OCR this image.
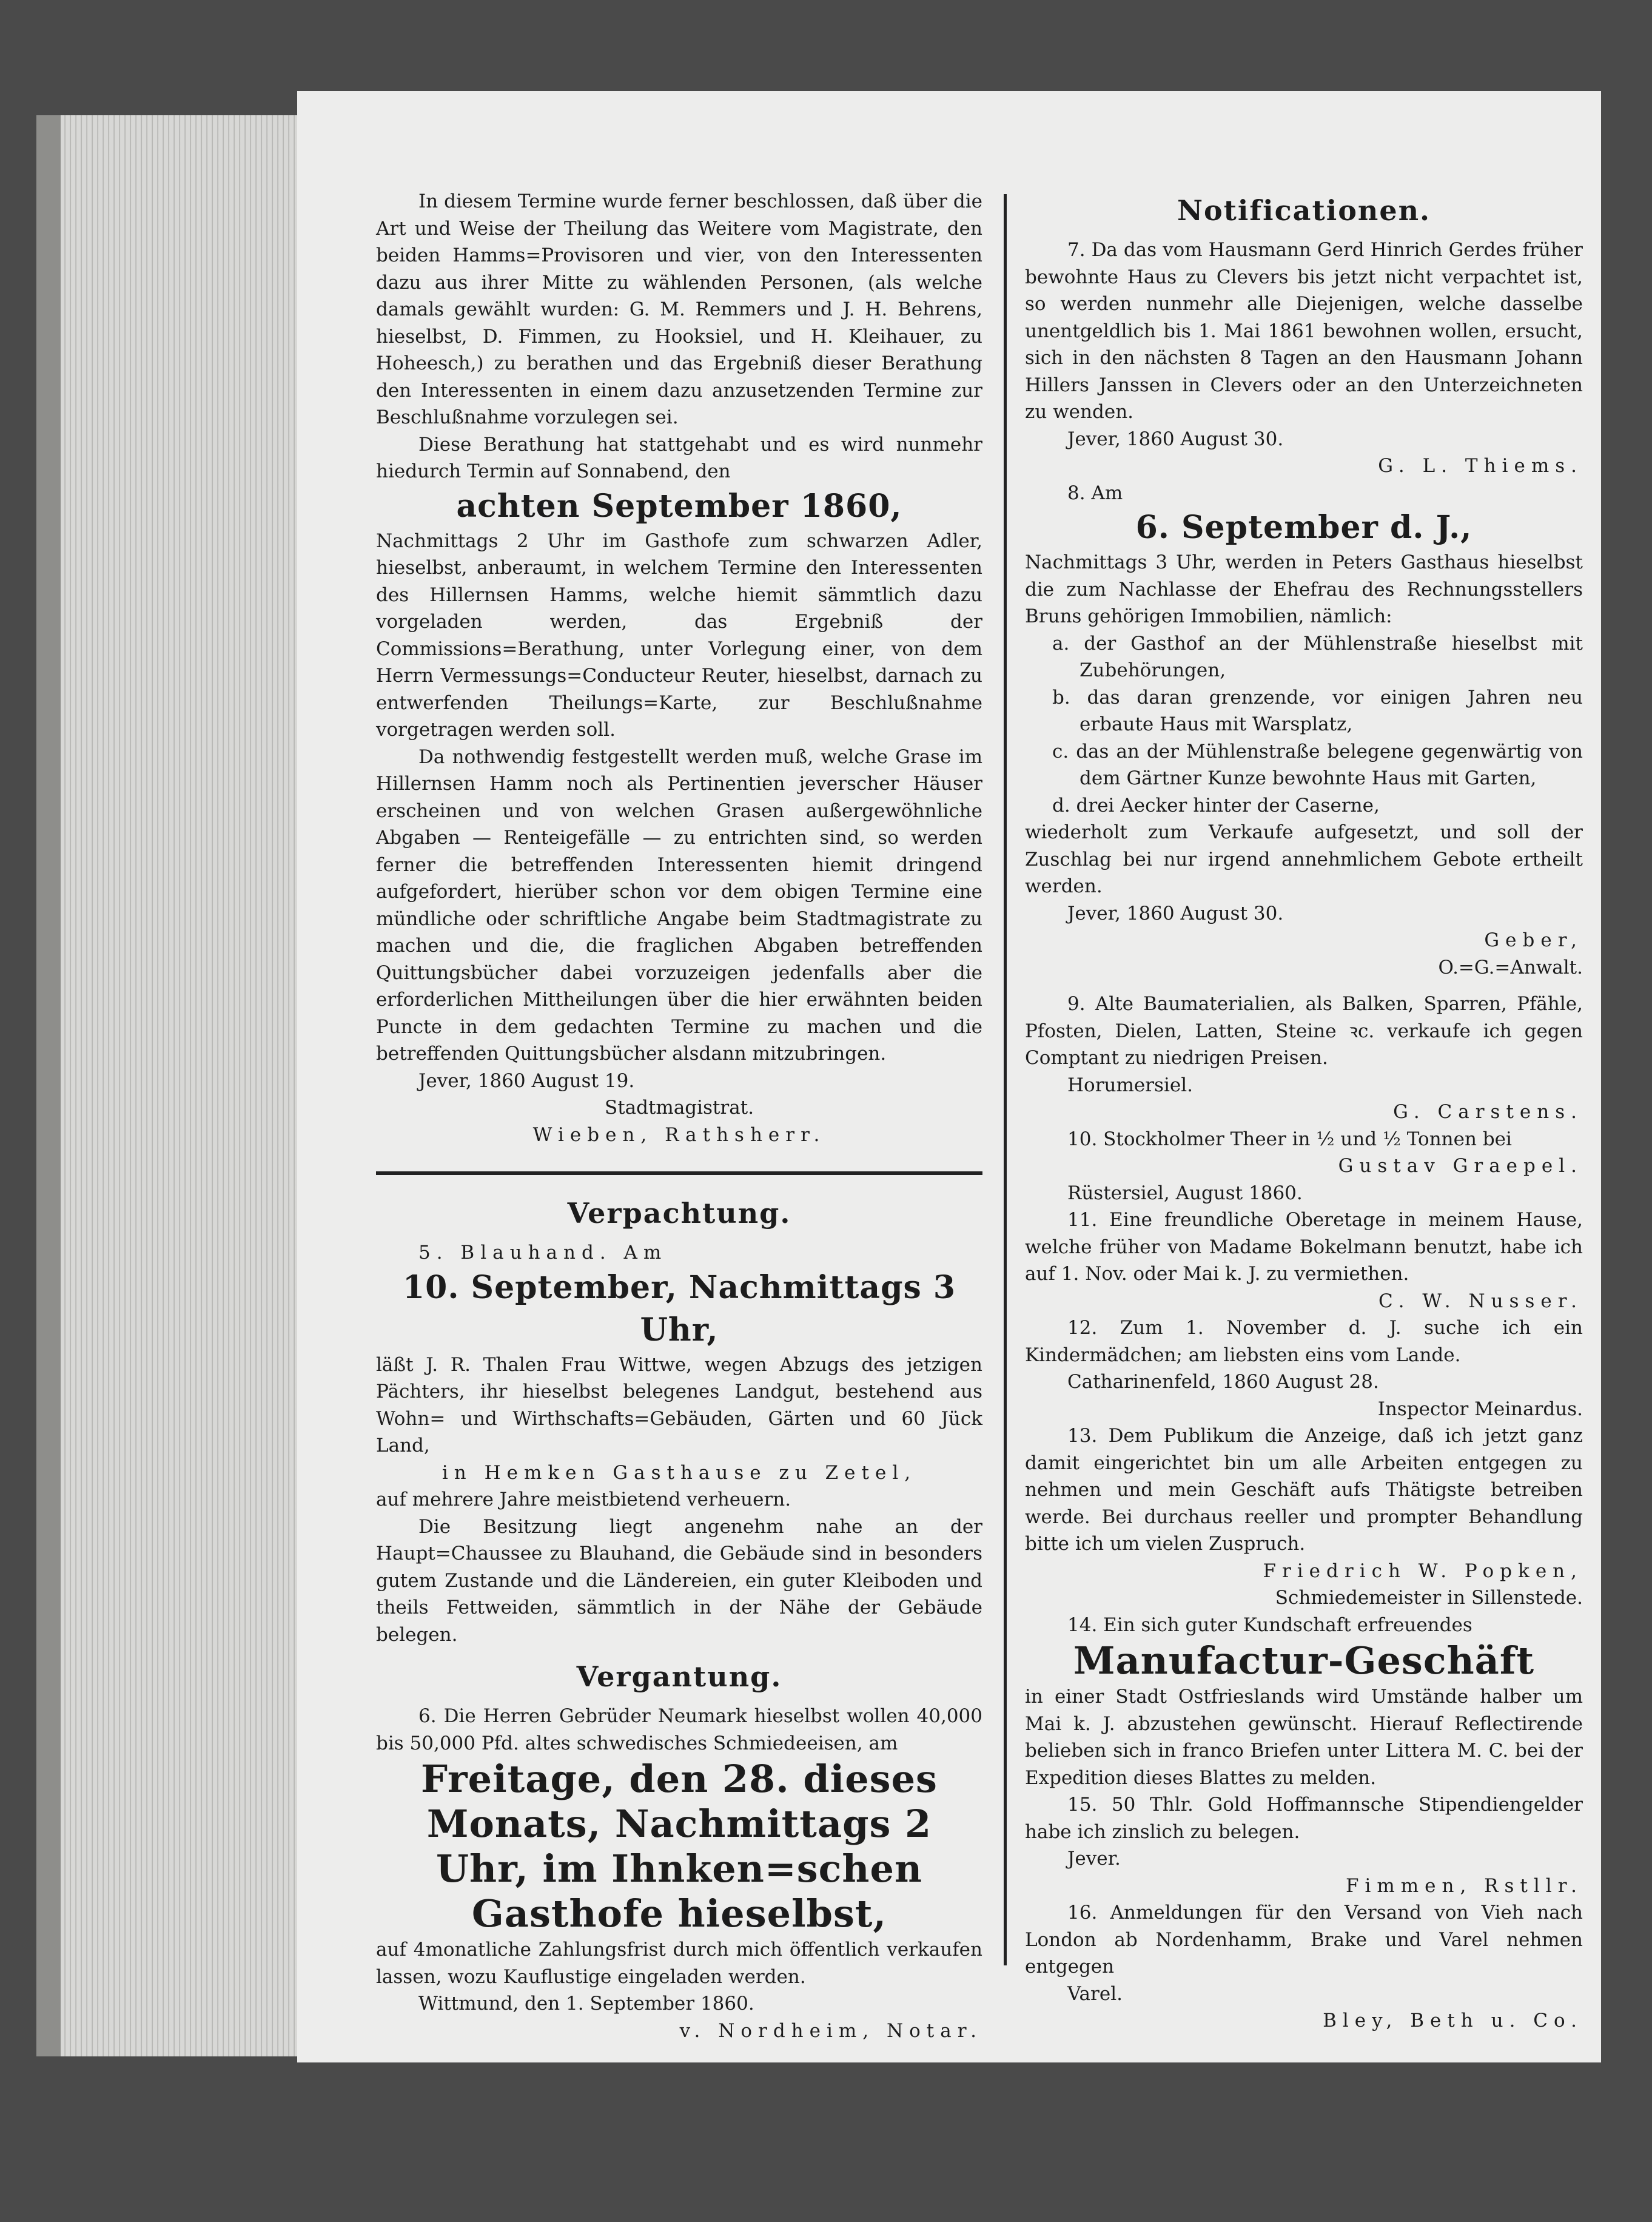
In diesem Termine wurde ferner beschlossen, daß über die Art und Weise der Theilung das Weitere vom Magistrate, den beiden Hamms=Provisoren und vier, von den Interessenten dazu aus ihrer Mitte zu wählenden Personen, (als welche damals gewählt wurden: G. M. Remmers und J. H. Behrens, hieselbst, D. Fimmen, zu Hooksiel, und H. Kleihauer, zu Hoheesch,) zu berathen und das Ergebniß dieser Berathung den Interessenten in einem dazu anzusetzenden Termine zur Beschlußnahme vorzulegen sei.

Diese Berathung hat stattgehabt und es wird nunmehr hiedurch Termin auf Sonnabend, den

achten September 1860,

Nachmittags 2 Uhr im Gasthofe zum schwarzen Adler, hieselbst, anberaumt, in welchem Termine den Interessenten des Hillernsen Hamms, welche hiemit sämmtlich dazu vorgeladen werden, das Ergebniß der Commissions=Berathung, unter Vorlegung einer, von dem Herrn Vermessungs=Conducteur Reuter, hieselbst, darnach zu entwerfenden Theilungs=Karte, zur Beschlußnahme vorgetragen werden soll.

Da nothwendig festgestellt werden muß, welche Grase im Hillernsen Hamm noch als Pertinentien jeverscher Häuser erscheinen und von welchen Grasen außergewöhnliche Abgaben — Renteigefälle — zu entrichten sind, so werden ferner die betreffenden Interessenten hiemit dringend aufgefordert, hierüber schon vor dem obigen Termine eine mündliche oder schriftliche Angabe beim Stadtmagistrate zu machen und die, die fraglichen Abgaben betreffenden Quittungsbücher dabei vorzuzeigen jedenfalls aber die erforderlichen Mittheilungen über die hier erwähnten beiden Puncte in dem gedachten Termine zu machen und die betreffenden Quittungsbücher alsdann mitzubringen.

Jever, 1860 August 19.

Stadtmagistrat.

Wieben, Rathsherr.

Verpachtung.

5. Blauhand. Am

10. September, Nachmittags 3 Uhr,

läßt J. R. Thalen Frau Wittwe, wegen Abzugs des jetzigen Pächters, ihr hieselbst belegenes Landgut, bestehend aus Wohn= und Wirthschafts=Gebäuden, Gärten und 60 Jück Land,

in Hemken Gasthause zu Zetel,

auf mehrere Jahre meistbietend verheuern.

Die Besitzung liegt angenehm nahe an der Haupt=Chaussee zu Blauhand, die Gebäude sind in besonders gutem Zustande und die Ländereien, ein guter Kleiboden und theils Fettweiden, sämmtlich in der Nähe der Gebäude belegen.

Vergantung.

6. Die Herren Gebrüder Neumark hieselbst wollen 40,000 bis 50,000 Pfd. altes schwedisches Schmiedeeisen, am

Freitage, den 28. dieses Monats, Nachmittags 2 Uhr, im Ihnken=schen Gasthofe hieselbst,

auf 4monatliche Zahlungsfrist durch mich öffentlich verkaufen lassen, wozu Kauflustige eingeladen werden.

Wittmund, den 1. September 1860.

v. Nordheim, Notar.

Notificationen.

7. Da das vom Hausmann Gerd Hinrich Gerdes früher bewohnte Haus zu Clevers bis jetzt nicht verpachtet ist, so werden nunmehr alle Diejenigen, welche dasselbe unentgeldlich bis 1. Mai 1861 bewohnen wollen, ersucht, sich in den nächsten 8 Tagen an den Hausmann Johann Hillers Janssen in Clevers oder an den Unterzeichneten zu wenden.

Jever, 1860 August 30.

G. L. Thiems.

8. Am

6. September d. J.,

Nachmittags 3 Uhr, werden in Peters Gasthaus hieselbst die zum Nachlasse der Ehefrau des Rechnungsstellers Bruns gehörigen Immobilien, nämlich:

a. der Gasthof an der Mühlenstraße hieselbst mit Zubehörungen,

b. das daran grenzende, vor einigen Jahren neu erbaute Haus mit Warsplatz,

c. das an der Mühlenstraße belegene gegenwärtig von dem Gärtner Kunze bewohnte Haus mit Garten,

d. drei Aecker hinter der Caserne,

wiederholt zum Verkaufe aufgesetzt, und soll der Zuschlag bei nur irgend annehmlichem Gebote ertheilt werden.

Jever, 1860 August 30.

Geber,

O.=G.=Anwalt.

9. Alte Baumaterialien, als Balken, Sparren, Pfähle, Pfosten, Dielen, Latten, Steine ꝛc. verkaufe ich gegen Comptant zu niedrigen Preisen.

Horumersiel.

G. Carstens.

10. Stockholmer Theer in ½ und ½ Tonnen bei

Gustav Graepel.

Rüstersiel, August 1860.

11. Eine freundliche Oberetage in meinem Hause, welche früher von Madame Bokelmann benutzt, habe ich auf 1. Nov. oder Mai k. J. zu vermiethen.

C. W. Nusser.

12. Zum 1. November d. J. suche ich ein Kindermädchen; am liebsten eins vom Lande.

Catharinenfeld, 1860 August 28.

Inspector Meinardus.

13. Dem Publikum die Anzeige, daß ich jetzt ganz damit eingerichtet bin um alle Arbeiten entgegen zu nehmen und mein Geschäft aufs Thätigste betreiben werde. Bei durchaus reeller und prompter Behandlung bitte ich um vielen Zuspruch.

Friedrich W. Popken,

Schmiedemeister in Sillenstede.

14. Ein sich guter Kundschaft erfreuendes

Manufactur-Geschäft

in einer Stadt Ostfrieslands wird Umstände halber um Mai k. J. abzustehen gewünscht. Hierauf Reflectirende belieben sich in franco Briefen unter Littera M. C. bei der Expedition dieses Blattes zu melden.

15. 50 Thlr. Gold Hoffmannsche Stipendiengelder habe ich zinslich zu belegen.

Jever.

Fimmen, Rstllr.

16. Anmeldungen für den Versand von Vieh nach London ab Nordenhamm, Brake und Varel nehmen entgegen

Varel.

Bley, Beth u. Co.
